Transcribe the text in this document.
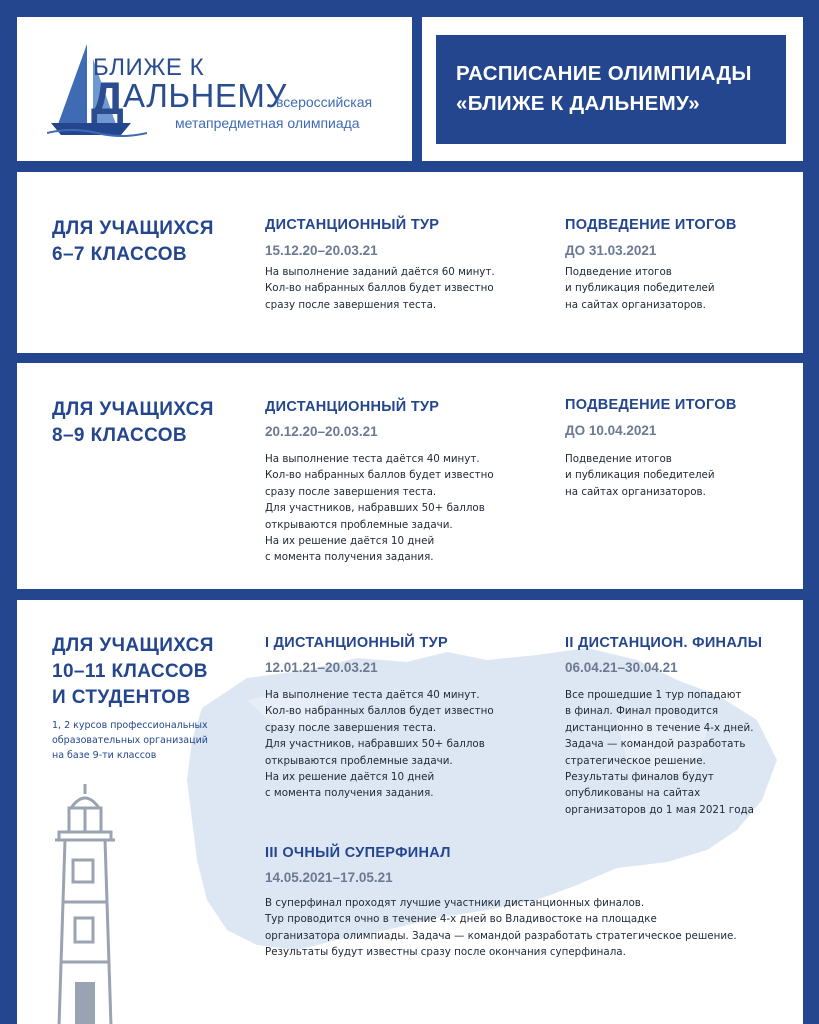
БЛИЖЕ К
Д АЛЬНЕМУ
всероссийская
метапредметная олимпиада
РАСПИСАНИЕ ОЛИМПИАДЫ
«БЛИЖЕ К ДАЛЬНЕМУ»
ДЛЯ УЧАЩИХСЯ
6–7 КЛАССОВ
ДИСТАНЦИОННЫЙ ТУР
15.12.20–20.03.21
На выполнение заданий даётся 60 минут.
Кол-во набранных баллов будет известно
сразу после завершения теста.
ПОДВЕДЕНИЕ ИТОГОВ
ДО 31.03.2021
Подведение итогов
и публикация победителей
на сайтах организаторов.
ДЛЯ УЧАЩИХСЯ
8–9 КЛАССОВ
ДИСТАНЦИОННЫЙ ТУР
20.12.20–20.03.21
На выполнение теста даётся 40 минут.
Кол-во набранных баллов будет известно
сразу после завершения теста.
Для участников, набравших 50+ баллов
открываются проблемные задачи.
На их решение даётся 10 дней
с момента получения задания.
ПОДВЕДЕНИЕ ИТОГОВ
ДО 10.04.2021
Подведение итогов
и публикация победителей
на сайтах организаторов.
ДЛЯ УЧАЩИХСЯ
10–11 КЛАССОВ
И СТУДЕНТОВ
1, 2 курсов профессиональных
образовательных организаций
на базе 9-ти классов
I ДИСТАНЦИОННЫЙ ТУР
12.01.21–20.03.21
На выполнение теста даётся 40 минут.
Кол-во набранных баллов будет известно
сразу после завершения теста.
Для участников, набравших 50+ баллов
открываются проблемные задачи.
На их решение даётся 10 дней
с момента получения задания.
II ДИСТАНЦИОН. ФИНАЛЫ
06.04.21–30.04.21
Все прошедшие 1 тур попадают
в финал. Финал проводится
дистанционно в течение 4-х дней.
Задача — командой разработать
стратегическое решение.
Результаты финалов будут
опубликованы на сайтах
организаторов до 1 мая 2021 года
III ОЧНЫЙ СУПЕРФИНАЛ
14.05.2021–17.05.21
В суперфинал проходят лучшие участники дистанционных финалов.
Тур проводится очно в течение 4-х дней во Владивостоке на площадке
организатора олимпиады. Задача — командой разработать стратегическое решение.
Результаты будут известны сразу после окончания суперфинала.
